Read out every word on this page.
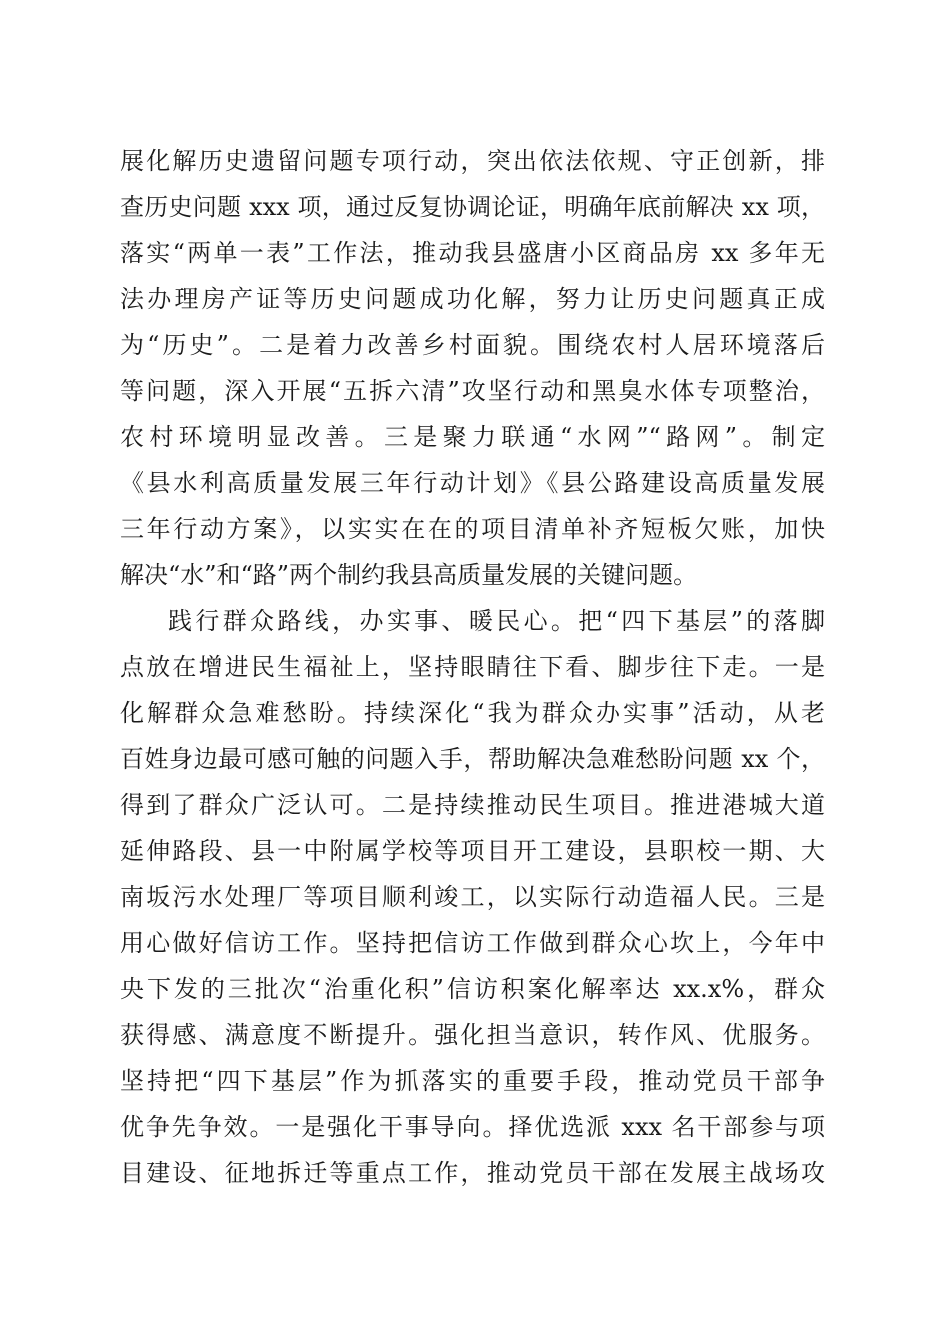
展化解历史遗留问题专项行动，突出依法依规、守正创新，排
查历史问题 xxx 项，通过反复协调论证，明确年底前解决 xx 项，
落实“两单一表”工作法，推动我县盛唐小区商品房 xx 多年无
法办理房产证等历史问题成功化解，努力让历史问题真正成
为“历史”。二是着力改善乡村面貌。围绕农村人居环境落后
等问题，深入开展“五拆六清”攻坚行动和黑臭水体专项整治，
农村环境明显改善。三是聚力联通“水网”“路网”。制定
《县水利高质量发展三年行动计划》《县公路建设高质量发展
三年行动方案》，以实实在在的项目清单补齐短板欠账，加快
解决“水”和“路”两个制约我县高质量发展的关键问题。
践行群众路线，办实事、暖民心。把“四下基层”的落脚
点放在增进民生福祉上，坚持眼睛往下看、脚步往下走。一是
化解群众急难愁盼。持续深化“我为群众办实事”活动，从老
百姓身边最可感可触的问题入手，帮助解决急难愁盼问题 xx 个，
得到了群众广泛认可。二是持续推动民生项目。推进港城大道
延伸路段、县一中附属学校等项目开工建设，县职校一期、大
南坂污水处理厂等项目顺利竣工，以实际行动造福人民。三是
用心做好信访工作。坚持把信访工作做到群众心坎上，今年中
央下发的三批次“治重化积”信访积案化解率达 xx.x%，群众
获得感、满意度不断提升。强化担当意识，转作风、优服务。
坚持把“四下基层”作为抓落实的重要手段，推动党员干部争
优争先争效。一是强化干事导向。择优选派 xxx 名干部参与项
目建设、征地拆迁等重点工作，推动党员干部在发展主战场攻
